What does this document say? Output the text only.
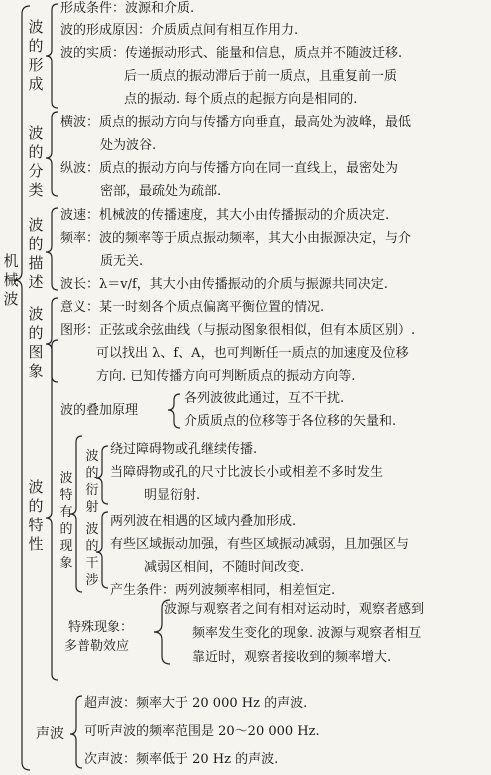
机械波
波的形成
形成条件：波源和介质.
波的形成原因：介质质点间有相互作用力.
波的实质：传递振动形式、能量和信息，质点并不随波迁移.
后一质点的振动滞后于前一质点，且重复前一质
点的振动. 每个质点的起振方向是相同的.
波的分类
横波：质点的振动方向与传播方向垂直，最高处为波峰，最低
处为波谷.
纵波：质点的振动方向与传播方向在同一直线上，最密处为
密部，最疏处为疏部.
波的描述
波速：机械波的传播速度，其大小由传播振动的介质决定.
频率：波的频率等于质点振动频率，其大小由振源决定，与介
质无关.
波长：λ＝v/f，其大小由传播振动的介质与振源共同决定.
波的图象
意义：某一时刻各个质点偏离平衡位置的情况.
图形：正弦或余弦曲线（与振动图象很相似，但有本质区别）.
可以找出 λ、f、A，也可判断任一质点的加速度及位移
方向. 已知传播方向可判断质点的振动方向等.
波的特性
波的叠加原理
各列波彼此通过，互不干扰.
介质质点的位移等于各位移的矢量和.
波特有的现象
波的衍射
绕过障碍物或孔继续传播.
当障碍物或孔的尺寸比波长小或相差不多时发生
明显衍射.
波的干涉
两列波在相遇的区域内叠加形成.
有些区域振动加强，有些区域振动减弱，且加强区与
减弱区相间，不随时间改变.
产生条件：两列波频率相同，相差恒定.
特殊现象：
多普勒效应
波源与观察者之间有相对运动时，观察者感到
频率发生变化的现象. 波源与观察者相互
靠近时，观察者接收到的频率增大.
声波
超声波：频率大于 20 000 Hz 的声波.
可听声波的频率范围是 20～20 000 Hz.
次声波：频率低于 20 Hz 的声波.
